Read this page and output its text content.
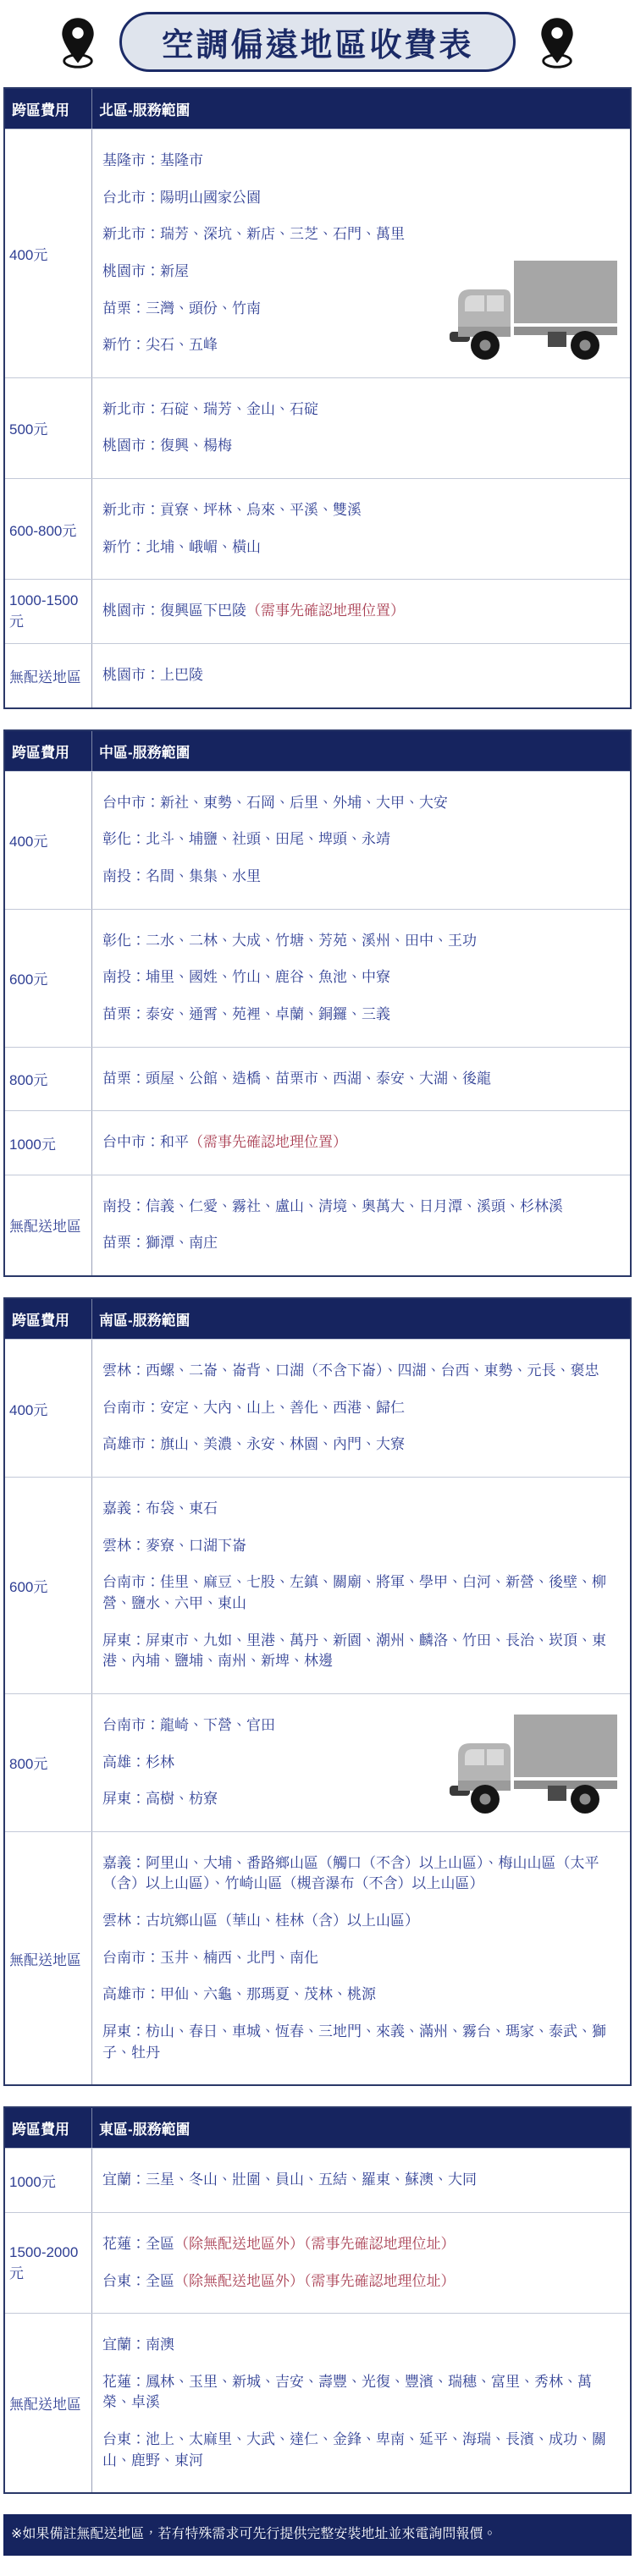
空調偏遠地區收費表
跨區費用	北區-服務範圍
400元
基隆市：基隆市
台北市：陽明山國家公園
新北市：瑞芳、深坑、新店、三芝、石門、萬里
桃園市：新屋
苗栗：三灣、頭份、竹南
新竹：尖石、五峰
500元
新北市：石碇、瑞芳、金山、石碇
桃園市：復興、楊梅
600-800元
新北市：貢寮、坪林、烏來、平溪、雙溪
新竹：北埔、峨嵋、橫山
1000-1500元
桃園市：復興區下巴陵（需事先確認地理位置）
無配送地區	桃園市：上巴陵
跨區費用	中區-服務範圍
400元
台中市：新社、東勢、石岡、后里、外埔、大甲、大安
彰化：北斗、埔鹽、社頭、田尾、埤頭、永靖
南投：名間、集集、水里
600元
彰化：二水、二林、大成、竹塘、芳苑、溪州、田中、王功
南投：埔里、國姓、竹山、鹿谷、魚池、中寮
苗栗：泰安、通霄、苑裡、卓蘭、銅鑼、三義
800元	苗栗：頭屋、公館、造橋、苗栗市、西湖、泰安、大湖、後龍
1000元	台中市：和平（需事先確認地理位置）
無配送地區
南投：信義、仁愛、霧社、盧山、清境、奧萬大、日月潭、溪頭、杉林溪
苗栗：獅潭、南庄
跨區費用	南區-服務範圍
400元
雲林：西螺、二崙、崙背、口湖（不含下崙）、四湖、台西、東勢、元長、褒忠
台南市：安定、大內、山上、善化、西港、歸仁
高雄市：旗山、美濃、永安、林園、內門、大寮
600元
嘉義：布袋、東石
雲林：麥寮、口湖下崙
台南市：佳里、麻豆、七股、左鎮、關廟、將軍、學甲、白河、新營、後壁、柳營、鹽水、六甲、東山
屏東：屏東市、九如、里港、萬丹、新園、潮州、麟洛、竹田、長治、崁頂、東港、內埔、鹽埔、南州、新埤、林邊
800元
台南市：龍崎、下營、官田
高雄：杉林
屏東：高樹、枋寮
無配送地區
嘉義：阿里山、大埔、番路鄉山區（觸口（不含）以上山區）、梅山山區（太平（含）以上山區）、竹崎山區（槻音瀑布（不含）以上山區）
雲林：古坑鄉山區（華山、桂林（含）以上山區）
台南市：玉井、楠西、北門、南化
高雄市：甲仙、六龜、那瑪夏、茂林、桃源
屏東：枋山、春日、車城、恆春、三地門、來義、滿州、霧台、瑪家、泰武、獅子、牡丹
跨區費用	東區-服務範圍
1000元	宜蘭：三星、冬山、壯圍、員山、五結、羅東、蘇澳、大同
1500-2000元
花蓮：全區（除無配送地區外）（需事先確認地理位址）
台東：全區（除無配送地區外）（需事先確認地理位址）
無配送地區
宜蘭：南澳
花蓮：鳳林、玉里、新城、吉安、壽豐、光復、豐濱、瑞穗、富里、秀林、萬榮、卓溪
台東：池上、太麻里、大武、達仁、金鋒、卑南、延平、海瑞、長濱、成功、關山、鹿野、東河
※如果備註無配送地區，若有特殊需求可先行提供完整安裝地址並來電詢問報價。
